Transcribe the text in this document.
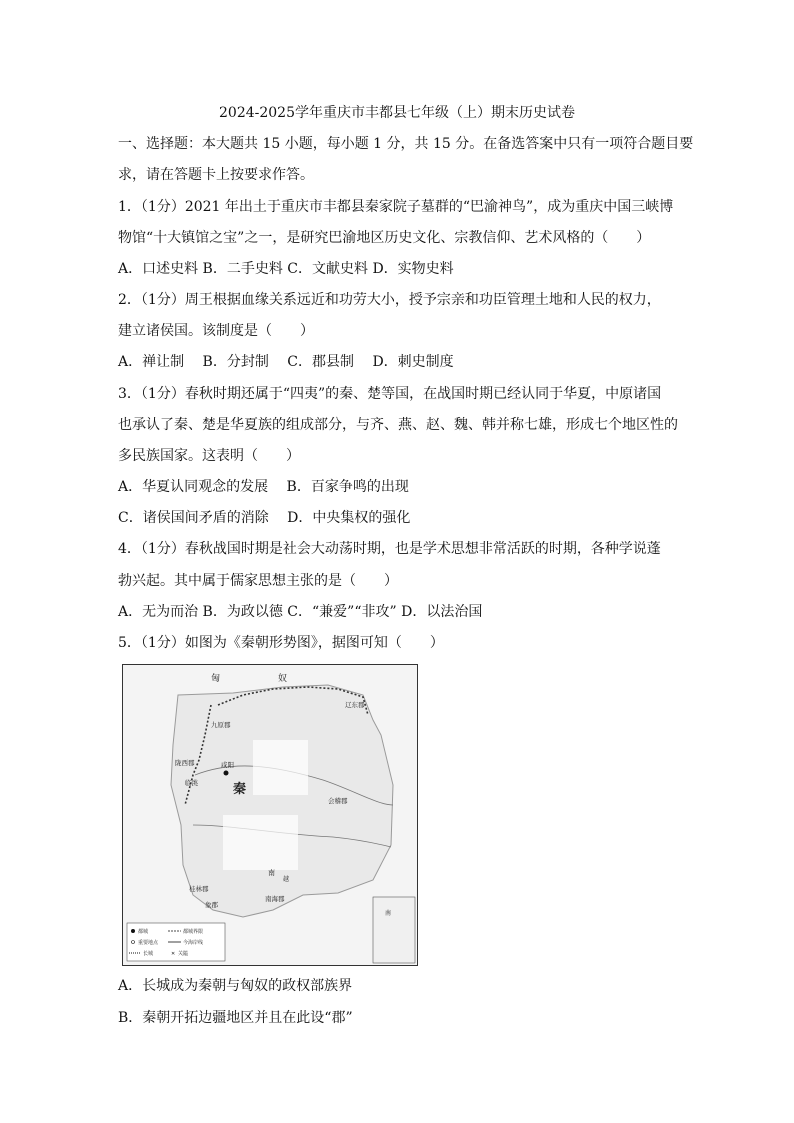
2024-2025学年重庆市丰都县七年级（上）期末历史试卷
一、选择题：本大题共 15 小题，每小题 1 分，共 15 分。在备选答案中只有一项符合题目要
求，请在答题卡上按要求作答。
1．（1分）2021 年出土于重庆市丰都县秦家院子墓群的“巴渝神鸟”，成为重庆中国三峡博
物馆“十大镇馆之宝”之一，是研究巴渝地区历史文化、宗教信仰、艺术风格的（　　）
A．口述史料 B．二手史料 C．文献史料 D．实物史料
2．（1分）周王根据血缘关系远近和功劳大小，授予宗亲和功臣管理土地和人民的权力，
建立诸侯国。该制度是（　　）
A．禅让制　 B．分封制　 C．郡县制　 D．刺史制度
3．（1分）春秋时期还属于“四夷”的秦、楚等国，在战国时期已经认同于华夏，中原诸国
也承认了秦、楚是华夏族的组成部分，与齐、燕、赵、魏、韩并称七雄，形成七个地区性的
多民族国家。这表明（　　）
A．华夏认同观念的发展　 B．百家争鸣的出现
C．诸侯国间矛盾的消除　 D．中央集权的强化
4．（1分）春秋战国时期是社会大动荡时期，也是学术思想非常活跃的时期，各种学说蓬
勃兴起。其中属于儒家思想主张的是（　　）
A．无为而治 B．为政以德 C．“兼爱”“非攻” D．以法治国
5．（1分）如图为《秦朝形势图》，据图可知（　　）
匈	奴
辽东郡
九原郡
陇西郡
临洮
咸阳
秦
会稽郡
南
越
桂林郡
象郡
南海郡
都城	都城界限
重要地点	今海岸线
长城	✕ 关隘
南
A．长城成为秦朝与匈奴的政权部族界
B．秦朝开拓边疆地区并且在此设“郡”
